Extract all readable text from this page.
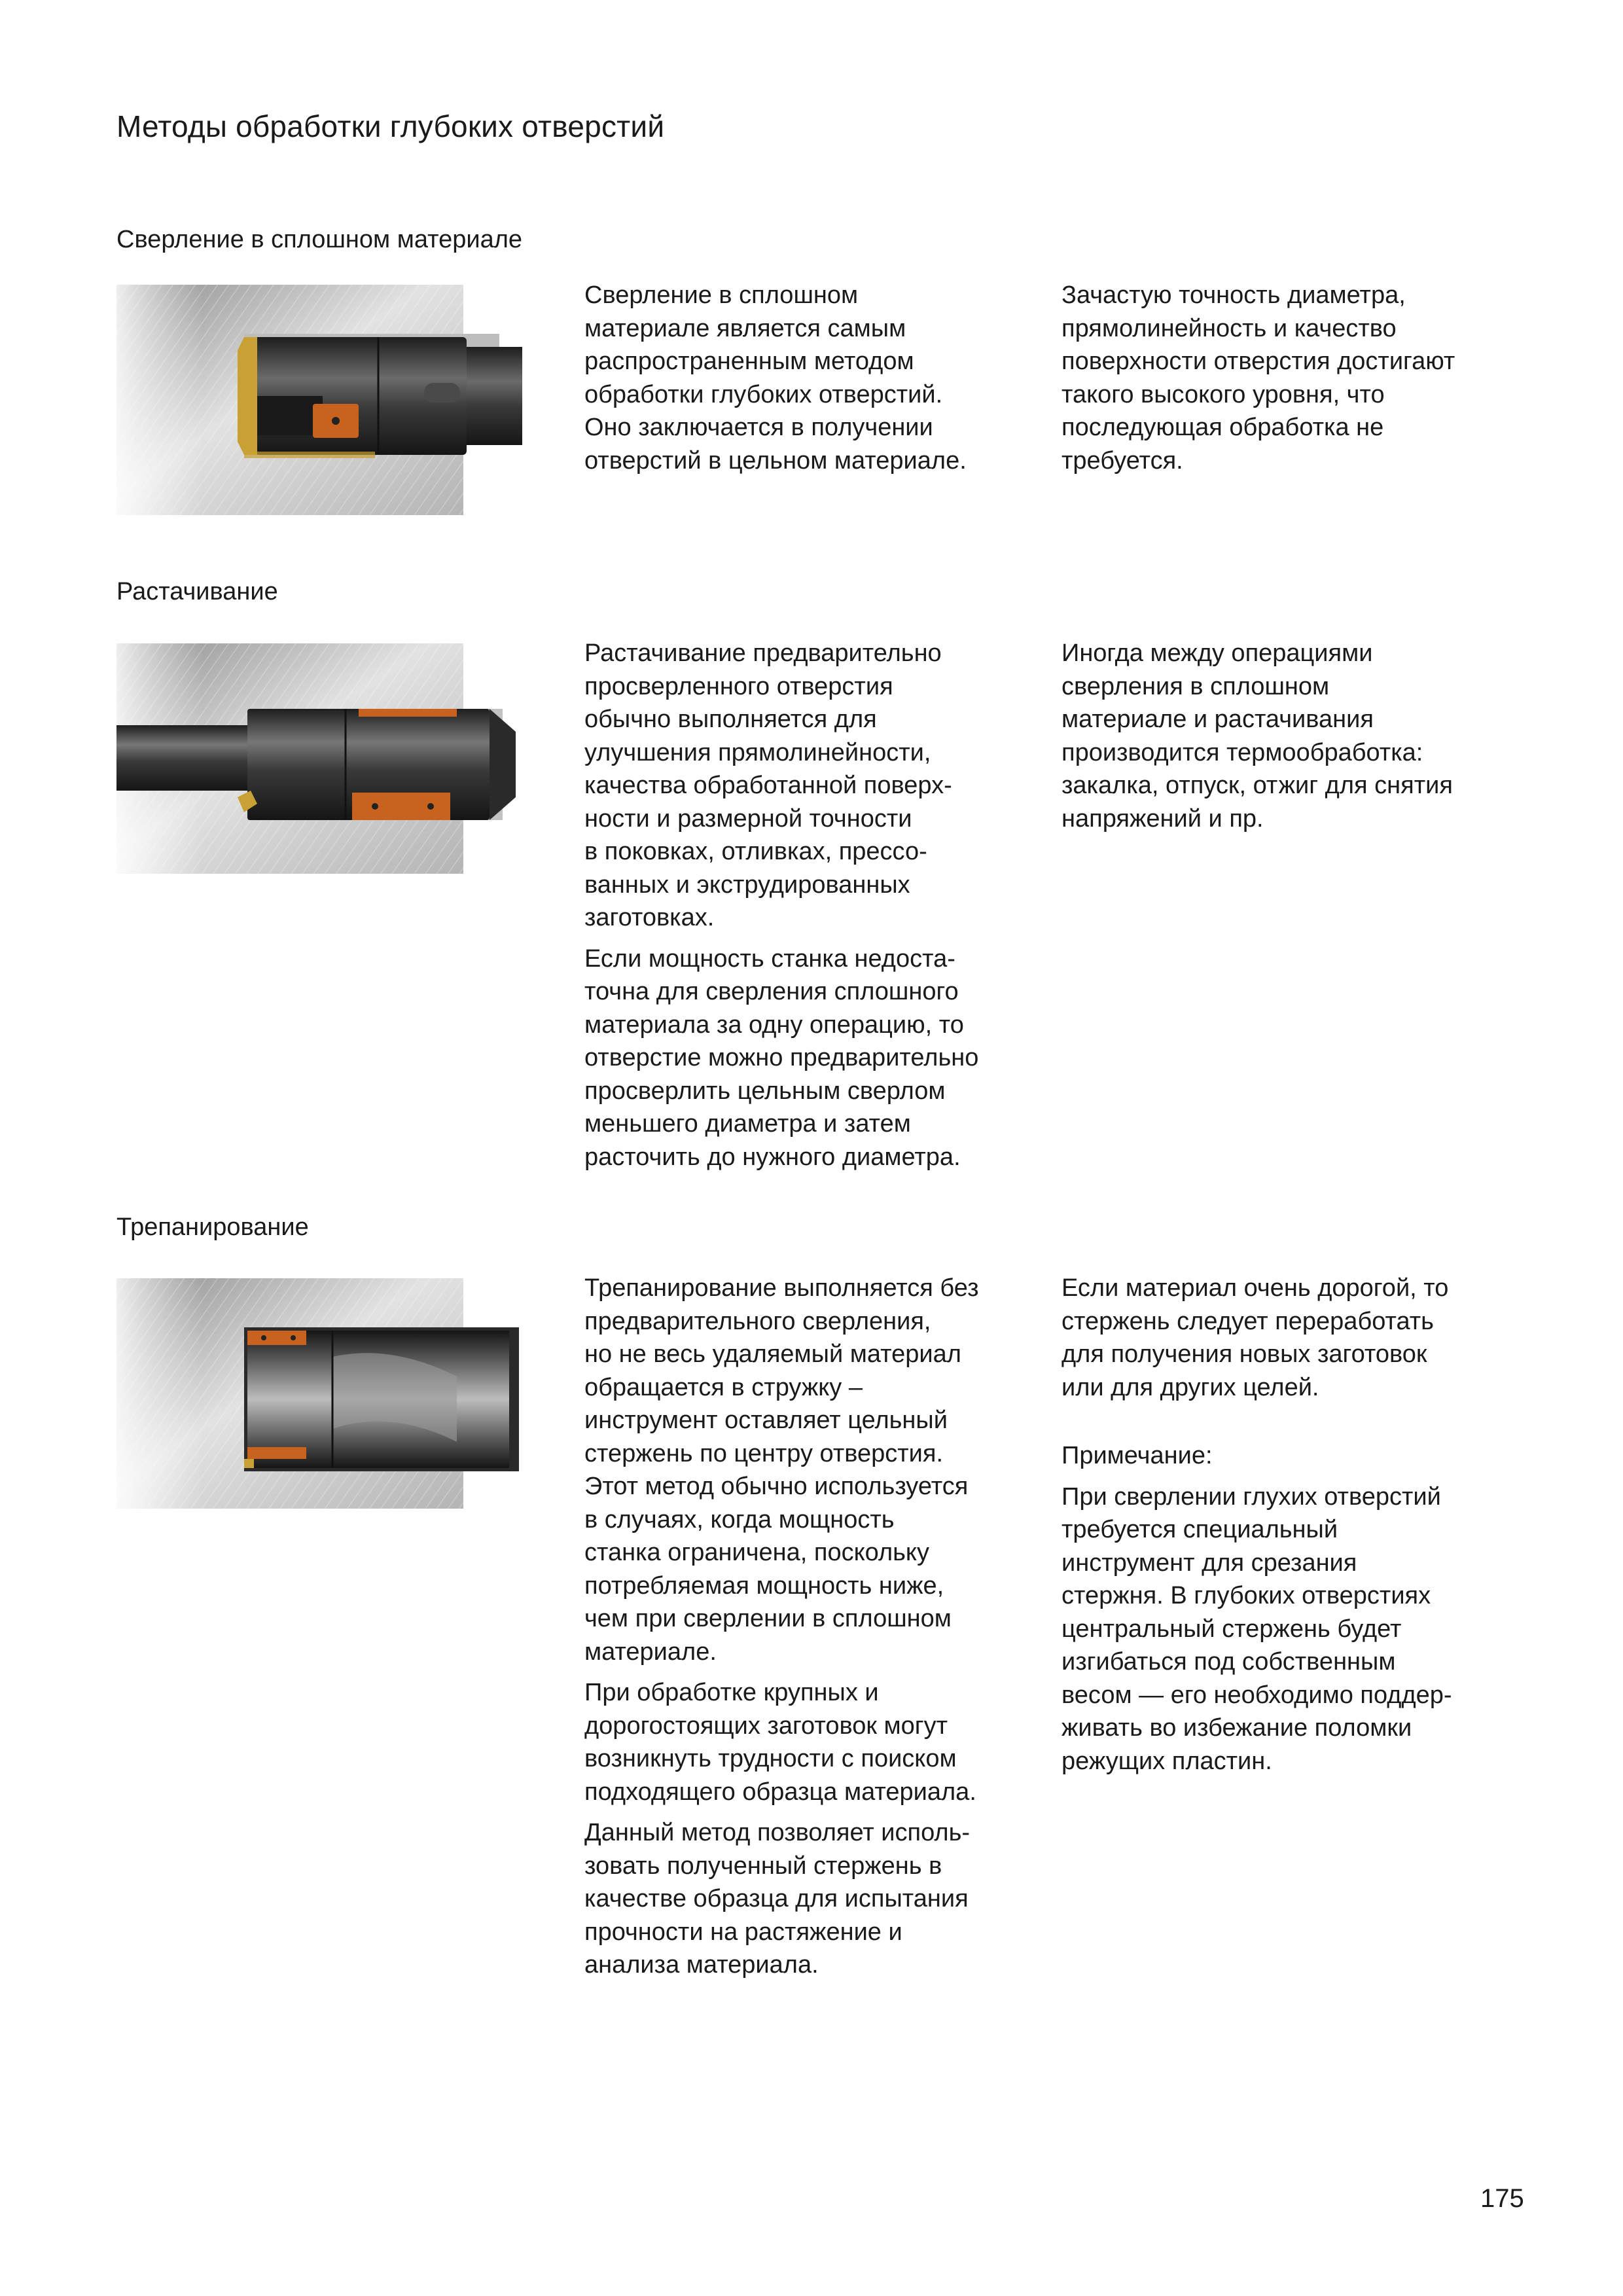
Методы обработки глубоких отверстий
Сверление в сплошном материале

Сверление в сплошном
материале является самым
распространенным методом
обработки глубоких отверстий.
Оно заключается в получении
отверстий в цельном материале.

Зачастую точность диаметра,
прямолинейность и качество
поверхности отверстия достигают
такого высокого уровня, что
последующая обработка не
требуется.

Растачивание

Растачивание предварительно
просверленного отверстия
обычно выполняется для
улучшения прямолинейности,
качества обработанной поверх-
ности и размерной точности
в поковках, отливках, прессо-
ванных и экструдированных
заготовках.

Если мощность станка недоста-
точна для сверления сплошного
материала за одну операцию, то
отверстие можно предварительно
просверлить цельным сверлом
меньшего диаметра и затем
расточить до нужного диаметра.

Иногда между операциями
сверления в сплошном
материале и растачивания
производится термообработка:
закалка, отпуск, отжиг для снятия
напряжений и пр.

Трепанирование

Трепанирование выполняется без
предварительного сверления,
но не весь удаляемый материал
обращается в стружку –
инструмент оставляет цельный
стержень по центру отверстия.
Этот метод обычно используется
в случаях, когда мощность
станка ограничена, поскольку
потребляемая мощность ниже,
чем при сверлении в сплошном
материале.

При обработке крупных и
дорогостоящих заготовок могут
возникнуть трудности с поиском
подходящего образца материала.

Данный метод позволяет исполь-
зовать полученный стержень в
качестве образца для испытания
прочности на растяжение и
анализа материала.

Если материал очень дорогой, то
стержень следует переработать
для получения новых заготовок
или для других целей.

Примечание:

При сверлении глухих отверстий
требуется специальный
инструмент для срезания
стержня. В глубоких отверстиях
центральный стержень будет
изгибаться под собственным
весом — его необходимо поддер-
живать во избежание поломки
режущих пластин.

175
